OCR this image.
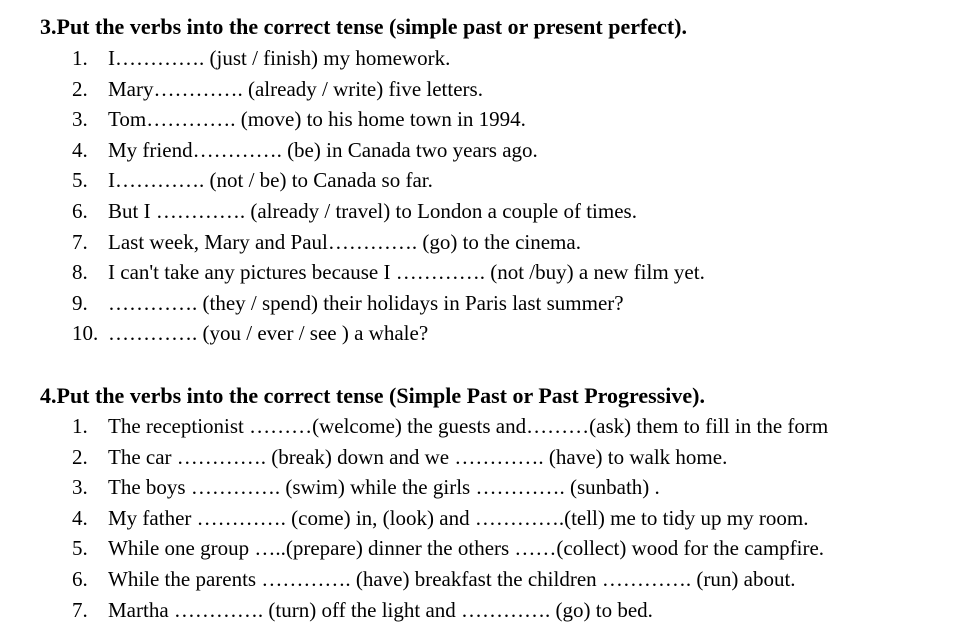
3.Put the verbs into the correct tense (simple past or present perfect).
1. I…………. (just / finish) my homework.
2. Mary…………. (already / write) five letters.
3. Tom…………. (move) to his home town in 1994.
4. My friend…………. (be) in Canada two years ago.
5. I…………. (not / be) to Canada so far.
6. But I …………. (already / travel) to London a couple of times.
7. Last week, Mary and Paul…………. (go) to the cinema.
8. I can't take any pictures because I …………. (not /buy) a new film yet.
9. …………. (they / spend) their holidays in Paris last summer?
10. …………. (you / ever / see ) a whale?
4.Put the verbs into the correct tense (Simple Past or Past Progressive).
1. The receptionist ………(welcome) the guests and………(ask) them to fill in the form
2. The car …………. (break) down and we …………. (have) to walk home.
3. The boys …………. (swim) while the girls …………. (sunbath) .
4. My father …………. (come) in, (look) and ………….(tell) me to tidy up my room.
5. While one group …..(prepare) dinner the others ……(collect) wood for the campfire.
6. While the parents …………. (have) breakfast the children …………. (run) about.
7. Martha …………. (turn) off the light and …………. (go) to bed.
